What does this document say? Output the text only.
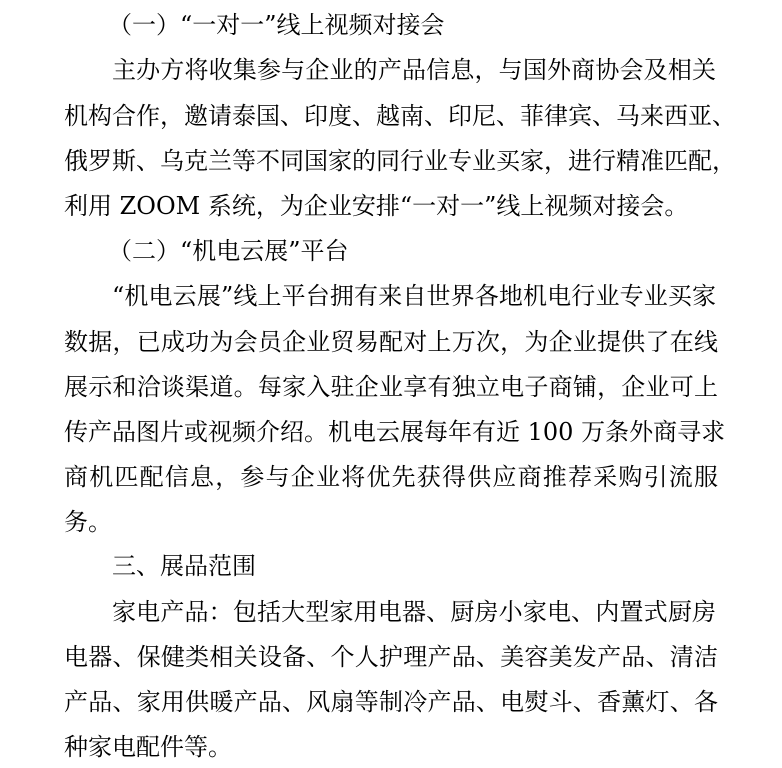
（一）“一对一”线上视频对接会
主办方将收集参与企业的产品信息，与国外商协会及相关
机构合作，邀请泰国、印度、越南、印尼、菲律宾、马来西亚、
俄罗斯、乌克兰等不同国家的同行业专业买家，进行精准匹配，
利用 ZOOM 系统，为企业安排“一对一”线上视频对接会。
（二）“机电云展”平台
“机电云展”线上平台拥有来自世界各地机电行业专业买家
数据，已成功为会员企业贸易配对上万次，为企业提供了在线
展示和洽谈渠道。每家入驻企业享有独立电子商铺，企业可上
传产品图片或视频介绍。机电云展每年有近 100 万条外商寻求
商机匹配信息，参与企业将优先获得供应商推荐采购引流服
务。
三、展品范围
家电产品：包括大型家用电器、厨房小家电、内置式厨房
电器、保健类相关设备、个人护理产品、美容美发产品、清洁
产品、家用供暖产品、风扇等制冷产品、电熨斗、香薰灯、各
种家电配件等。
